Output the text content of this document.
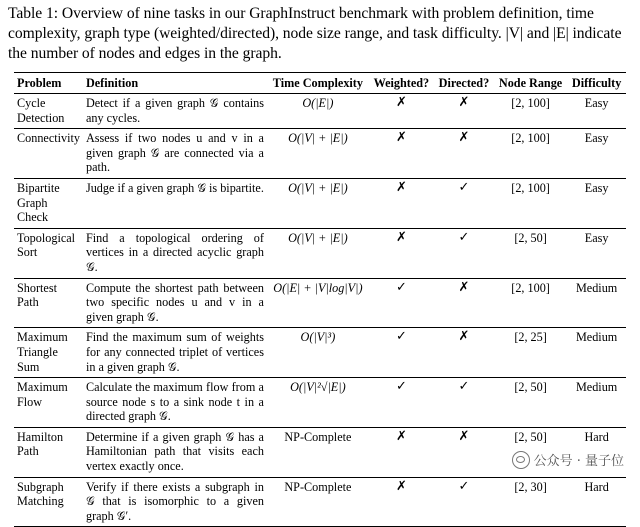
Table 1: Overview of nine tasks in our GraphInstruct benchmark with problem definition, time complexity, graph type (weighted/directed), node size range, and task difficulty. |V| and |E| indicate the number of nodes and edges in the graph.
Problem	Definition	Time Complexity	Weighted?	Directed?	Node Range	Difficulty
Cycle Detection	Detect if a given graph 𝒢 contains any cycles.	O(|E|)	✗	✗	[2, 100]	Easy
Connectivity	Assess if two nodes u and v in a given graph 𝒢 are connected via a path.	O(|V| + |E|)	✗	✗	[2, 100]	Easy
Bipartite Graph Check	Judge if a given graph 𝒢 is bipartite.	O(|V| + |E|)	✗	✓	[2, 100]	Easy
Topological Sort	Find a topological ordering of vertices in a directed acyclic graph 𝒢.	O(|V| + |E|)	✗	✓	[2, 50]	Easy
Shortest Path	Compute the shortest path between two specific nodes u and v in a given graph 𝒢.	O(|E| + |V|log|V|)	✓	✗	[2, 100]	Medium
Maximum Triangle Sum	Find the maximum sum of weights for any connected triplet of vertices in a given graph 𝒢.	O(|V|³)	✓	✗	[2, 25]	Medium
Maximum Flow	Calculate the maximum flow from a source node s to a sink node t in a directed graph 𝒢.	O(|V|²√|E|)	✓	✓	[2, 50]	Medium
Hamilton Path	Determine if a given graph 𝒢 has a Hamiltonian path that visits each vertex exactly once.	NP-Complete	✗	✗	[2, 50]	Hard
Subgraph Matching	Verify if there exists a subgraph in 𝒢 that is isomorphic to a given graph 𝒢′.	NP-Complete	✗	✓	[2, 30]	Hard
公众号 · 量子位
